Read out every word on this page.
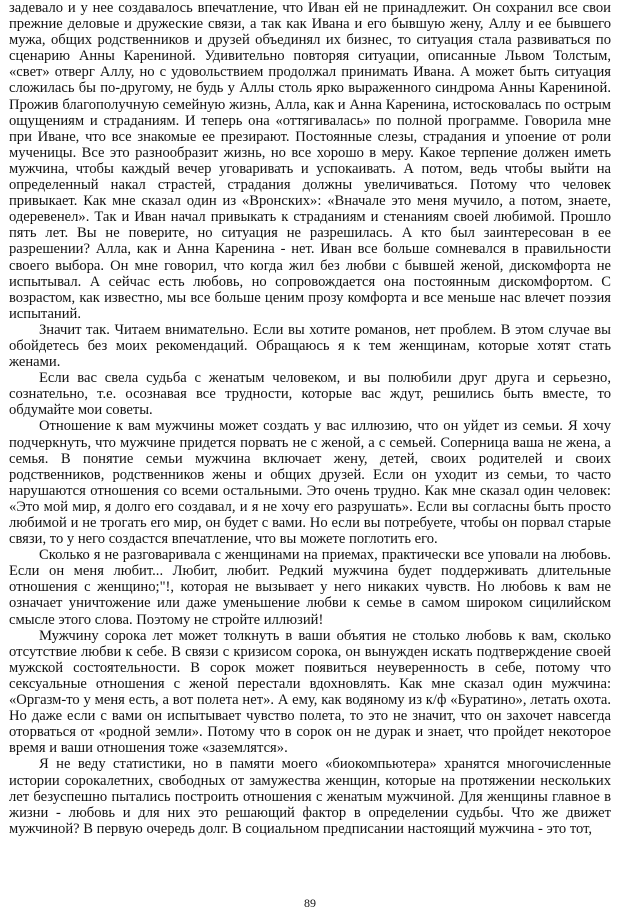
задевало и у нее создавалось впечатление, что Иван ей не принадлежит. Он сохранил все свои прежние деловые и дружеские связи, а так как Ивана и его бывшую жену, Аллу и ее бывшего мужа, общих родственников и друзей объединял их бизнес, то ситуация стала развиваться по сценарию Анны Карениной. Удивительно повторяя ситуации, описанные Львом Толстым, «свет» отверг Аллу, но с удовольствием продолжал принимать Ивана. А может быть ситуация сложилась бы по-другому, не будь у Аллы столь ярко выраженного синдрома Анны Карениной. Прожив благополучную семейную жизнь, Алла, как и Анна Каренина, истосковалась по острым ощущениям и страданиям. И теперь она «оттягивалась» по полной программе. Говорила мне при Иване, что все знакомые ее презирают. Постоянные слезы, страдания и упоение от роли мученицы. Все это разнообразит жизнь, но все хорошо в меру. Какое терпение должен иметь мужчина, чтобы каждый вечер уговаривать и успокаивать. А потом, ведь чтобы выйти на определенный накал страстей, страдания должны увеличиваться. Потому что человек привыкает. Как мне сказал один из «Вронских»: «Вначале это меня мучило, а потом, знаете, одеревенел». Так и Иван начал привыкать к страданиям и стенаниям своей любимой. Прошло пять лет. Вы не поверите, но ситуация не разрешилась. А кто был заинтересован в ее разрешении? Алла, как и Анна Каренина - нет. Иван все больше сомневался в правильности своего выбора. Он мне говорил, что когда жил без любви с бывшей женой, дискомфорта не испытывал. А сейчас есть любовь, но сопровождается она постоянным дискомфортом. С возрастом, как известно, мы все больше ценим прозу комфорта и все меньше нас влечет поэзия испытаний.

Значит так. Читаем внимательно. Если вы хотите романов, нет проблем. В этом случае вы обойдетесь без моих рекомендаций. Обращаюсь я к тем женщинам, которые хотят стать женами.

Если вас свела судьба с женатым человеком, и вы полюбили друг друга и серьезно, сознательно, т.е. осознавая все трудности, которые вас ждут, решились быть вместе, то обдумайте мои советы.

Отношение к вам мужчины может создать у вас иллюзию, что он уйдет из семьи. Я хочу подчеркнуть, что мужчине придется порвать не с женой, а с семьей. Соперница ваша не жена, а семья. В понятие семьи мужчина включает жену, детей, своих родителей и своих родственников, родственников жены и общих друзей. Если он уходит из семьи, то часто нарушаются отношения со всеми остальными. Это очень трудно. Как мне сказал один человек: «Это мой мир, я долго его создавал, и я не хочу его разрушать». Если вы согласны быть просто любимой и не трогать его мир, он будет с вами. Но если вы потребуете, чтобы он порвал старые связи, то у него создастся впечатление, что вы можете поглотить его.

Сколько я не разговаривала с женщинами на приемах, практически все уповали на любовь. Если он меня любит... Любит, любит. Редкий мужчина будет поддерживать длительные отношения с женщино;"!, которая не вызывает у него никаких чувств. Но любовь к вам не означает уничтожение или даже уменьшение любви к семье в самом широком сицилийском смысле этого слова. Поэтому не стройте иллюзий!

Мужчину сорока лет может толкнуть в ваши объятия не столько любовь к вам, сколько отсутствие любви к себе. В связи с кризисом сорока, он вынужден искать подтверждение своей мужской состоятельности. В сорок может появиться неуверенность в себе, потому что сексуальные отношения с женой перестали вдохновлять. Как мне сказал один мужчина: «Оргазм-то у меня есть, а вот полета нет». А ему, как водяному из к/ф «Буратино», летать охота. Но даже если с вами он испытывает чувство полета, то это не значит, что он захочет навсегда оторваться от «родной земли». Потому что в сорок он не дурак и знает, что пройдет некоторое время и ваши отношения тоже «заземлятся».

Я не веду статистики, но в памяти моего «биокомпьютера» хранятся многочисленные истории сорокалетних, свободных от замужества женщин, которые на протяжении нескольких лет безуспешно пытались построить отношения с женатым мужчиной. Для женщины главное в жизни - любовь и для них это решающий фактор в определении судьбы. Что же движет мужчиной? В первую очередь долг. В социальном предписании настоящий мужчина - это тот,

89
